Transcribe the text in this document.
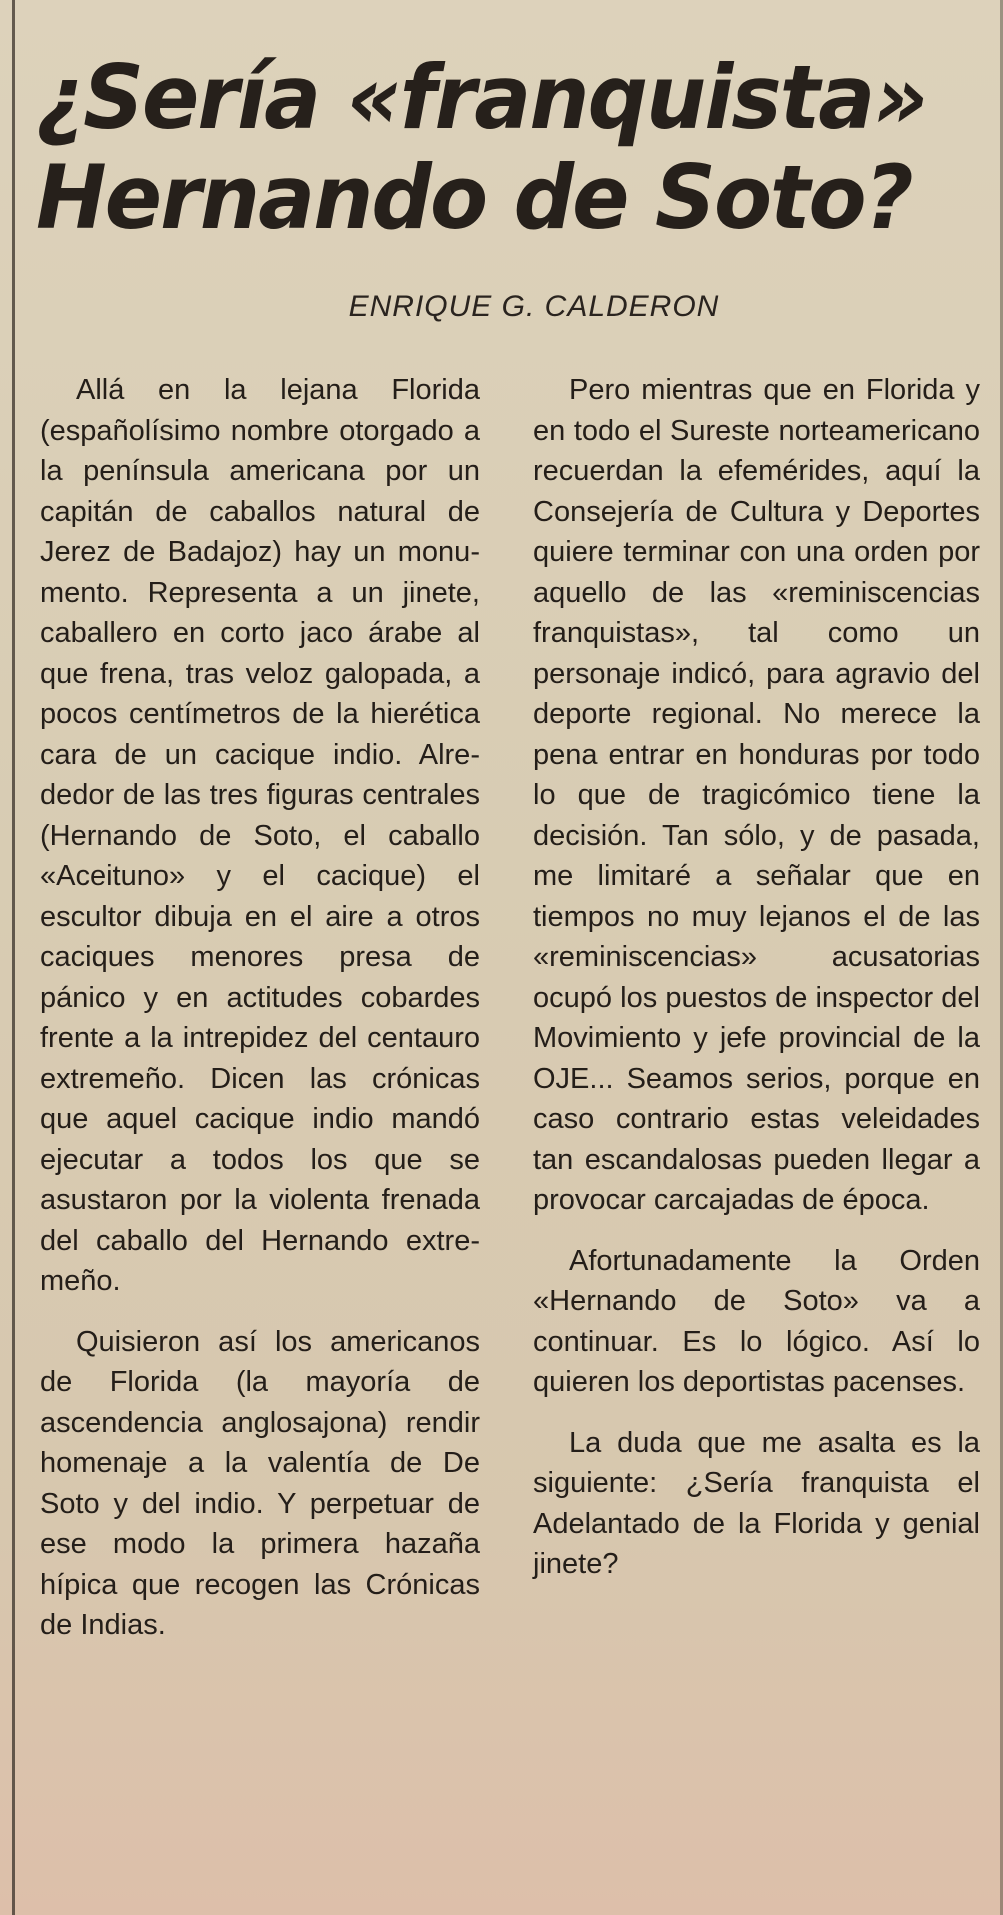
¿Sería «franquista»
Hernando de Soto?
ENRIQUE G. CALDERON

Allá en la lejana Florida (españolísimo nombre otorgado a la península americana por un capitán de caballos natural de Jerez de Badajoz) hay un monumento. Representa a un jinete, caballero en corto jaco árabe al que frena, tras veloz galopada, a pocos centímetros de la hierética cara de un cacique indio. Alrededor de las tres figuras centrales (Hernando de Soto, el caballo «Aceituno» y el cacique) el escultor dibuja en el aire a otros caciques menores presa de pánico y en actitudes cobardes frente a la intrepidez del centauro extremeño. Dicen las crónicas que aquel cacique indio mandó ejecutar a todos los que se asustaron por la violenta frenada del caballo del Hernando extremeño.

Quisieron así los americanos de Florida (la mayoría de ascendencia anglosajona) rendir homenaje a la valentía de De Soto y del indio. Y perpetuar de ese modo la primera hazaña hípica que recogen las Crónicas de Indias.

Pero mientras que en Florida y en todo el Sureste norteamericano recuerdan la efemérides, aquí la Consejería de Cultura y Deportes quiere terminar con una orden por aquello de las «reminiscencias franquistas», tal como un personaje indicó, para agravio del deporte regional. No merece la pena entrar en honduras por todo lo que de tragicómico tiene la decisión. Tan sólo, y de pasada, me limitaré a señalar que en tiempos no muy lejanos el de las «reminiscencias» acusatorias ocupó los puestos de inspector del Movimiento y jefe provincial de la OJE... Seamos serios, porque en caso contrario estas veleidades tan escandalosas pueden llegar a provocar carcajadas de época.

Afortunadamente la Orden «Hernando de Soto» va a continuar. Es lo lógico. Así lo quieren los deportistas pacenses.

La duda que me asalta es la siguiente: ¿Sería franquista el Adelantado de la Florida y genial jinete?
